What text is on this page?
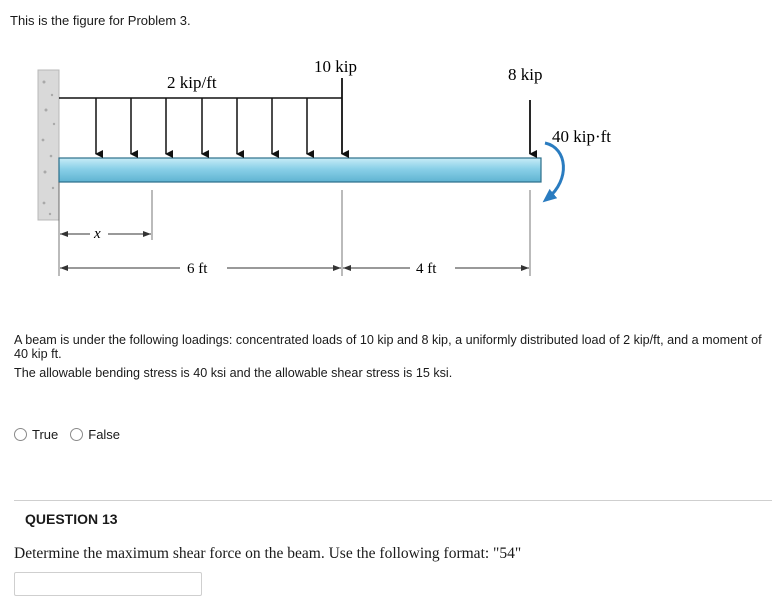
This is the figure for Problem 3.
2 kip/ft
10 kip	8 kip
40 kip·ft
x
6 ft	4 ft
A beam is under the following loadings: concentrated loads of 10 kip and 8 kip, a uniformly distributed load of 2 kip/ft, and a moment of 40 kip ft.
The allowable bending stress is 40 ksi and the allowable shear stress is 15 ksi.
True False
QUESTION 13
Determine the maximum shear force on the beam. Use the following format: "54"
